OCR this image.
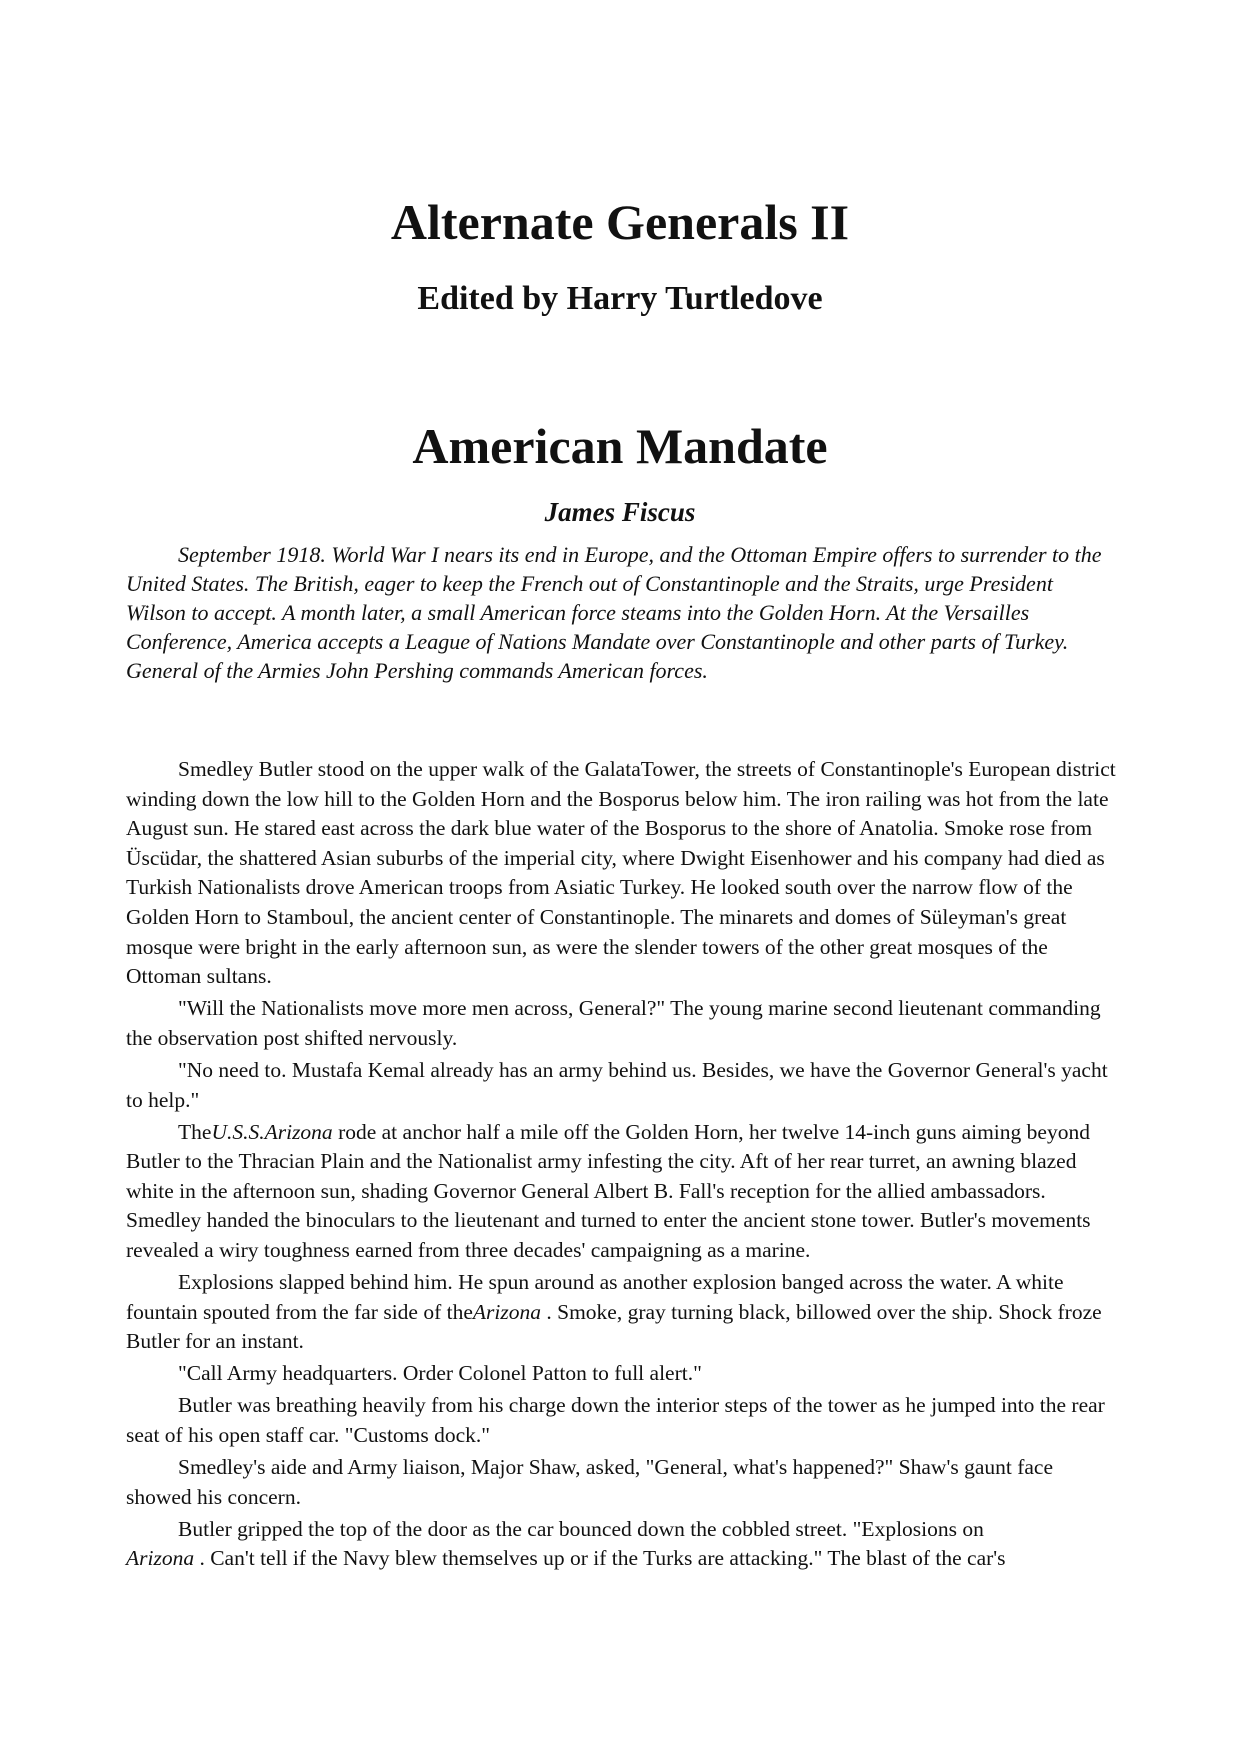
Alternate Generals II
Edited by Harry Turtledove
American Mandate
James Fiscus

September 1918. World War I nears its end in Europe, and the Ottoman Empire offers to surrender to the United States. The British, eager to keep the French out of Constantinople and the Straits, urge President Wilson to accept. A month later, a small American force steams into the Golden Horn. At the Versailles Conference, America accepts a League of Nations Mandate over Constantinople and other parts of Turkey. General of the Armies John Pershing commands American forces.

Smedley Butler stood on the upper walk of the GalataTower, the streets of Constantinople's European district winding down the low hill to the Golden Horn and the Bosporus below him. The iron railing was hot from the late August sun. He stared east across the dark blue water of the Bosporus to the shore of Anatolia. Smoke rose from Üscüdar, the shattered Asian suburbs of the imperial city, where Dwight Eisenhower and his company had died as Turkish Nationalists drove American troops from Asiatic Turkey. He looked south over the narrow flow of the Golden Horn to Stamboul, the ancient center of Constantinople. The minarets and domes of Süleyman's great mosque were bright in the early afternoon sun, as were the slender towers of the other great mosques of the Ottoman sultans.

"Will the Nationalists move more men across, General?" The young marine second lieutenant commanding the observation post shifted nervously.

"No need to. Mustafa Kemal already has an army behind us. Besides, we have the Governor General's yacht to help."

TheU.S.S.Arizona rode at anchor half a mile off the Golden Horn, her twelve 14-inch guns aiming beyond Butler to the Thracian Plain and the Nationalist army infesting the city. Aft of her rear turret, an awning blazed white in the afternoon sun, shading Governor General Albert B. Fall's reception for the allied ambassadors. Smedley handed the binoculars to the lieutenant and turned to enter the ancient stone tower. Butler's movements revealed a wiry toughness earned from three decades' campaigning as a marine.

Explosions slapped behind him. He spun around as another explosion banged across the water. A white fountain spouted from the far side of theArizona . Smoke, gray turning black, billowed over the ship. Shock froze Butler for an instant.

"Call Army headquarters. Order Colonel Patton to full alert."

Butler was breathing heavily from his charge down the interior steps of the tower as he jumped into the rear seat of his open staff car. "Customs dock."

Smedley's aide and Army liaison, Major Shaw, asked, "General, what's happened?" Shaw's gaunt face showed his concern.

Butler gripped the top of the door as the car bounced down the cobbled street. "Explosions on
Arizona . Can't tell if the Navy blew themselves up or if the Turks are attacking." The blast of the car's
